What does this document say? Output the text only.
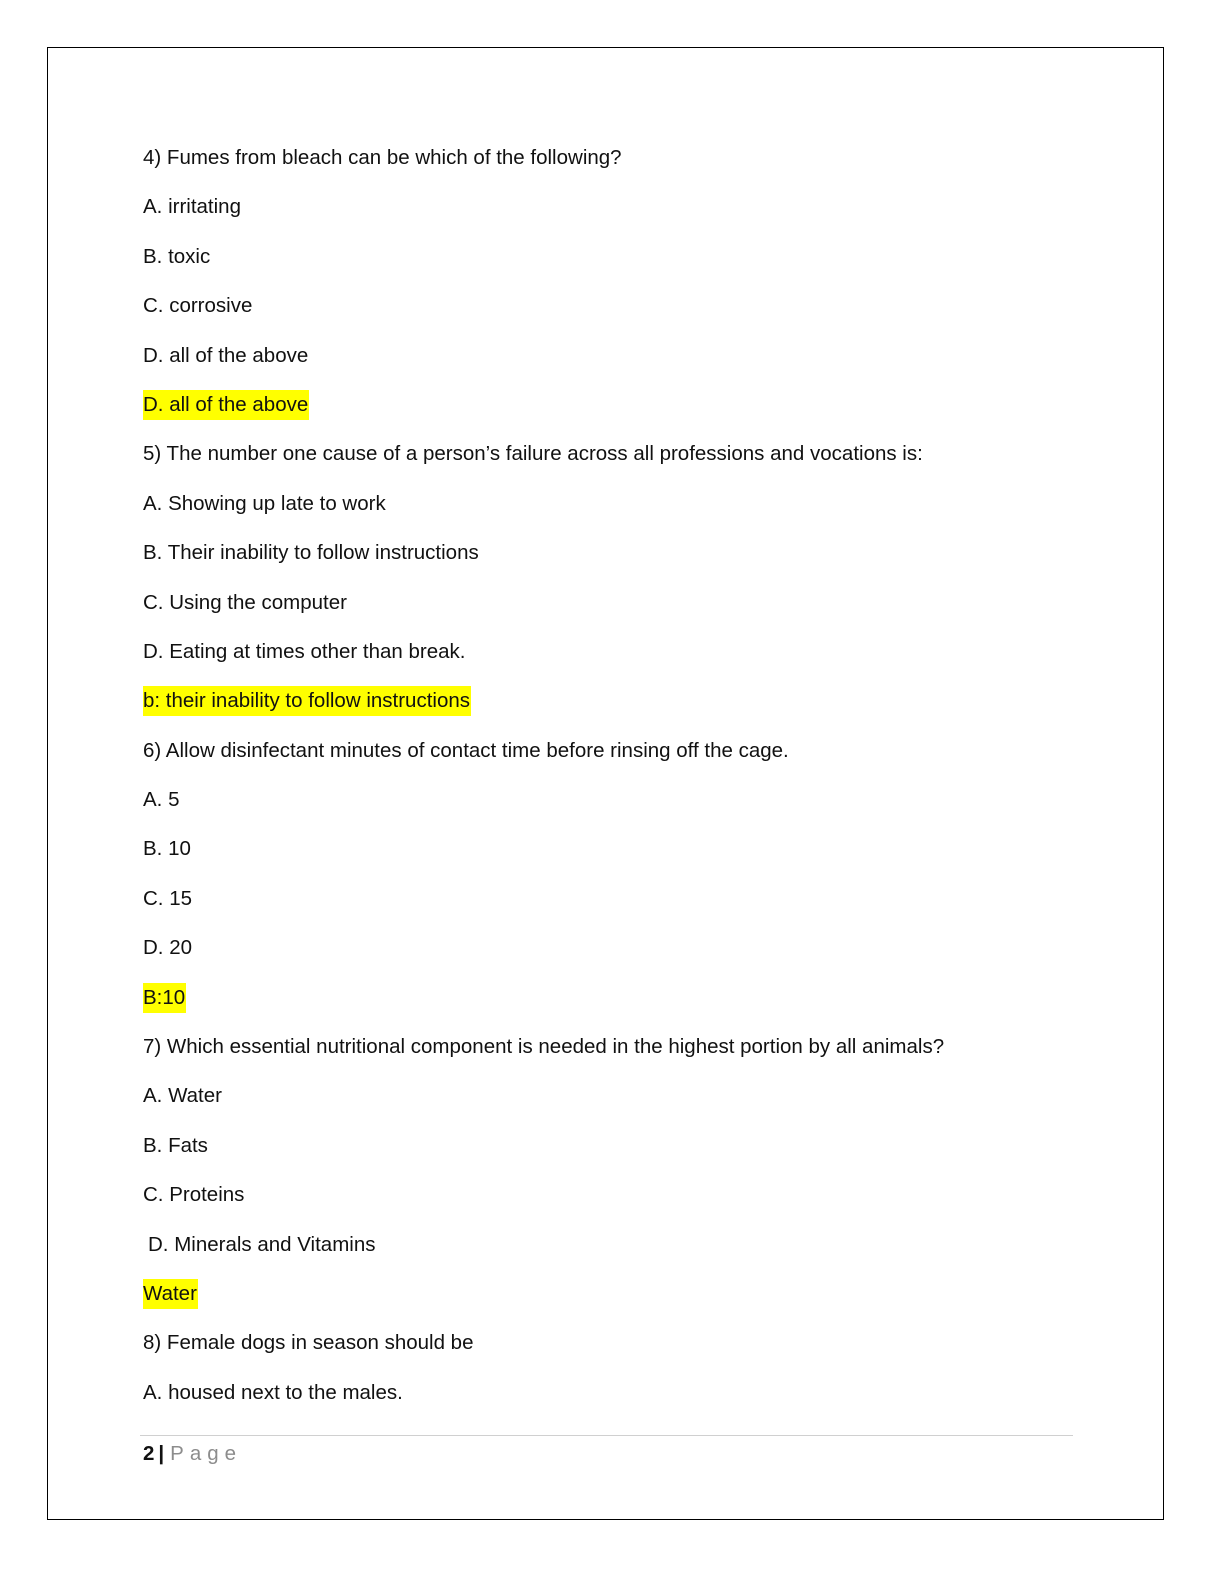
4) Fumes from bleach can be which of the following?
A. irritating
B. toxic
C. corrosive
D. all of the above
D. all of the above
5) The number one cause of a person’s failure across all professions and vocations is:
A. Showing up late to work
B. Their inability to follow instructions
C. Using the computer
D. Eating at times other than break.
b: their inability to follow instructions
6) Allow disinfectant minutes of contact time before rinsing off the cage.
A. 5
B. 10
C. 15
D. 20
B:10
7) Which essential nutritional component is needed in the highest portion by all animals?
A. Water
B. Fats
C. Proteins
D. Minerals and Vitamins
Water
8) Female dogs in season should be
A. housed next to the males.
2 | Page
